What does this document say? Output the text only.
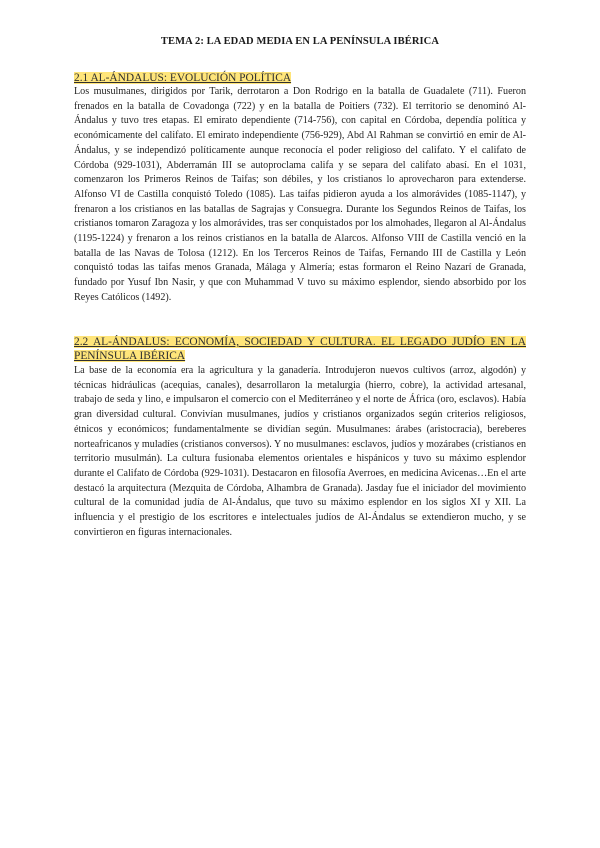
TEMA 2: LA EDAD MEDIA EN LA PENÍNSULA IBÉRICA
2.1 AL-ÁNDALUS: EVOLUCIÓN POLÍTICA
Los musulmanes, dirigidos por Tarik, derrotaron a Don Rodrigo en la batalla de Guadalete (711). Fueron frenados en la batalla de Covadonga (722) y en la batalla de Poitiers (732). El territorio se denominó Al-Ándalus y tuvo tres etapas. El emirato dependiente (714-756), con capital en Córdoba, dependía política y económicamente del califato. El emirato independiente (756-929), Abd Al Rahman se convirtió en emir de Al-Ándalus, y se independizó políticamente aunque reconocía el poder religioso del califato. Y el califato de Córdoba (929-1031), Abderramán III se autoproclama califa y se separa del califato abasí. En el 1031, comenzaron los Primeros Reinos de Taifas; son débiles, y los cristianos lo aprovecharon para extenderse. Alfonso VI de Castilla conquistó Toledo (1085). Las taifas pidieron ayuda a los almorávides (1085-1147), y frenaron a los cristianos en las batallas de Sagrajas y Consuegra. Durante los Segundos Reinos de Taifas, los cristianos tomaron Zaragoza y los almorávides, tras ser conquistados por los almohades, llegaron al Al-Ándalus (1195-1224) y frenaron a los reinos cristianos en la batalla de Alarcos. Alfonso VIII de Castilla venció en la batalla de las Navas de Tolosa (1212). En los Terceros Reinos de Taifas, Fernando III de Castilla y León conquistó todas las taifas menos Granada, Málaga y Almería; estas formaron el Reino Nazarí de Granada, fundado por Yusuf Ibn Nasir, y que con Muhammad V tuvo su máximo esplendor, siendo absorbido por los Reyes Católicos (1492).
2.2 AL-ÁNDALUS: ECONOMÍA, SOCIEDAD Y CULTURA. EL LEGADO JUDÍO EN LA PENÍNSULA IBÉRICA
La base de la economía era la agricultura y la ganadería. Introdujeron nuevos cultivos (arroz, algodón) y técnicas hidráulicas (acequias, canales), desarrollaron la metalurgia (hierro, cobre), la actividad artesanal, trabajo de seda y lino, e impulsaron el comercio con el Mediterráneo y el norte de África (oro, esclavos). Había gran diversidad cultural. Convivían musulmanes, judíos y cristianos organizados según criterios religiosos, étnicos y económicos; fundamentalmente se dividían según. Musulmanes: árabes (aristocracia), bereberes norteafricanos y muladíes (cristianos conversos). Y no musulmanes: esclavos, judíos y mozárabes (cristianos en territorio musulmán). La cultura fusionaba elementos orientales e hispánicos y tuvo su máximo esplendor durante el Califato de Córdoba (929-1031). Destacaron en filosofía Averroes, en medicina Avicenas…En el arte destacó la arquitectura (Mezquita de Córdoba, Alhambra de Granada). Jasday fue el iniciador del movimiento cultural de la comunidad judía de Al-Ándalus, que tuvo su máximo esplendor en los siglos XI y XII. La influencia y el prestigio de los escritores e intelectuales judíos de Al-Ándalus se extendieron mucho, y se convirtieron en figuras internacionales.
